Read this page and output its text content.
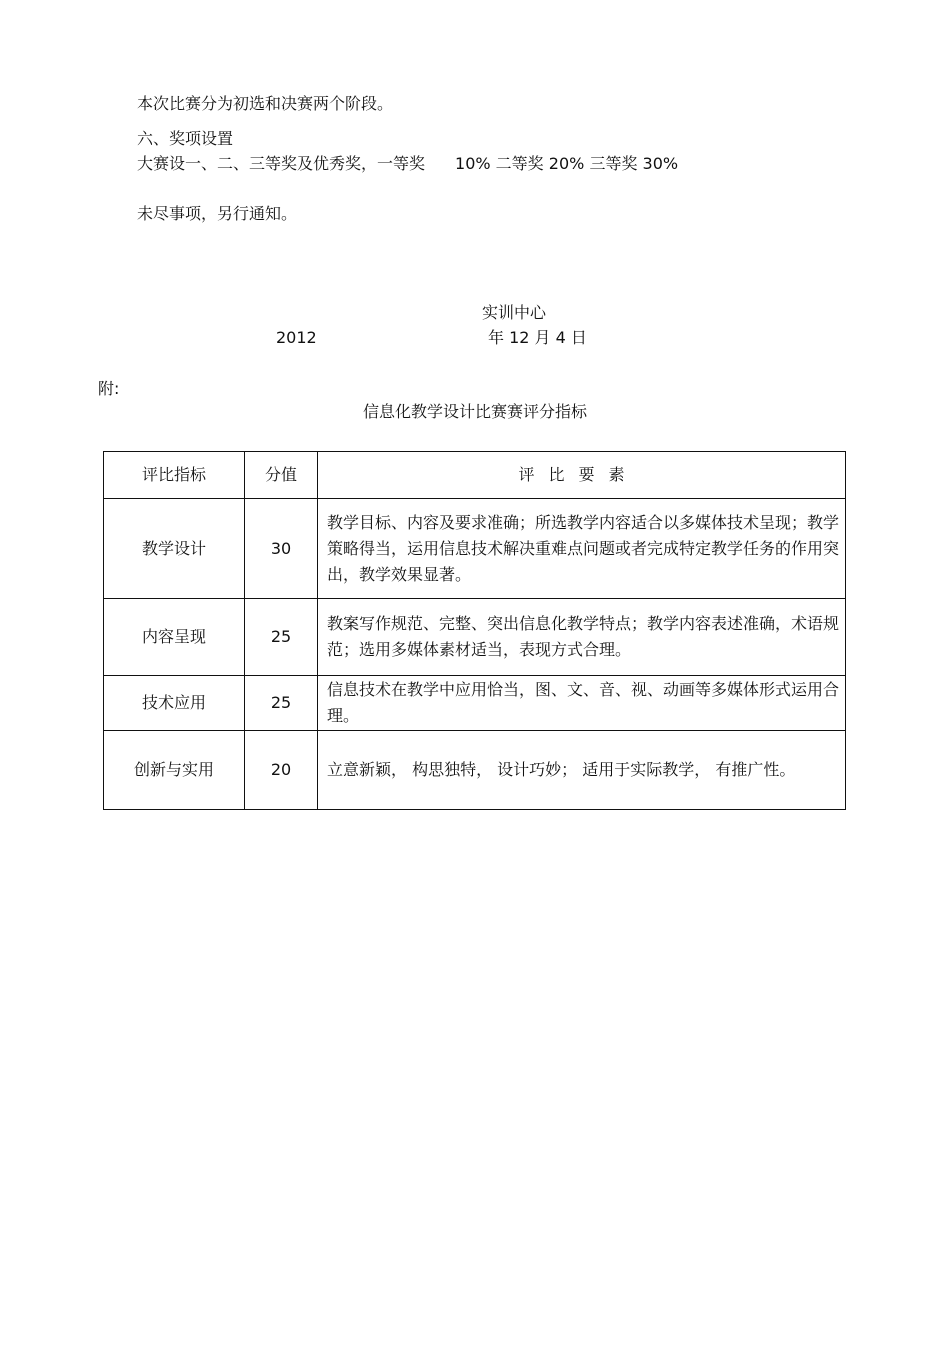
本次比赛分为初选和决赛两个阶段。
六、奖项设置
大赛设一、二、三等奖及优秀奖，一等奖 10% 二等奖 20% 三等奖 30%
未尽事项，另行通知。
实训中心
2012	年 12 月 4 日
附:
信息化教学设计比赛赛评分指标
评比指标	分值	评比要素
教学设计	30	教学目标、内容及要求准确；所选教学内容适合以多媒体技术呈现；教学策略得当，运用信息技术解决重难点问题或者完成特定教学任务的作用突出，教学效果显著。

内容呈现	25	教案写作规范、完整、突出信息化教学特点；教学内容表述准确，术语规范；选用多媒体素材适当，表现方式合理。

技术应用	25	信息技术在教学中应用恰当，图、文、音、视、动画等多媒体形式运用合理。

创新与实用	20	立意新颖， 构思独特， 设计巧妙； 适用于实际教学， 有推广性。
